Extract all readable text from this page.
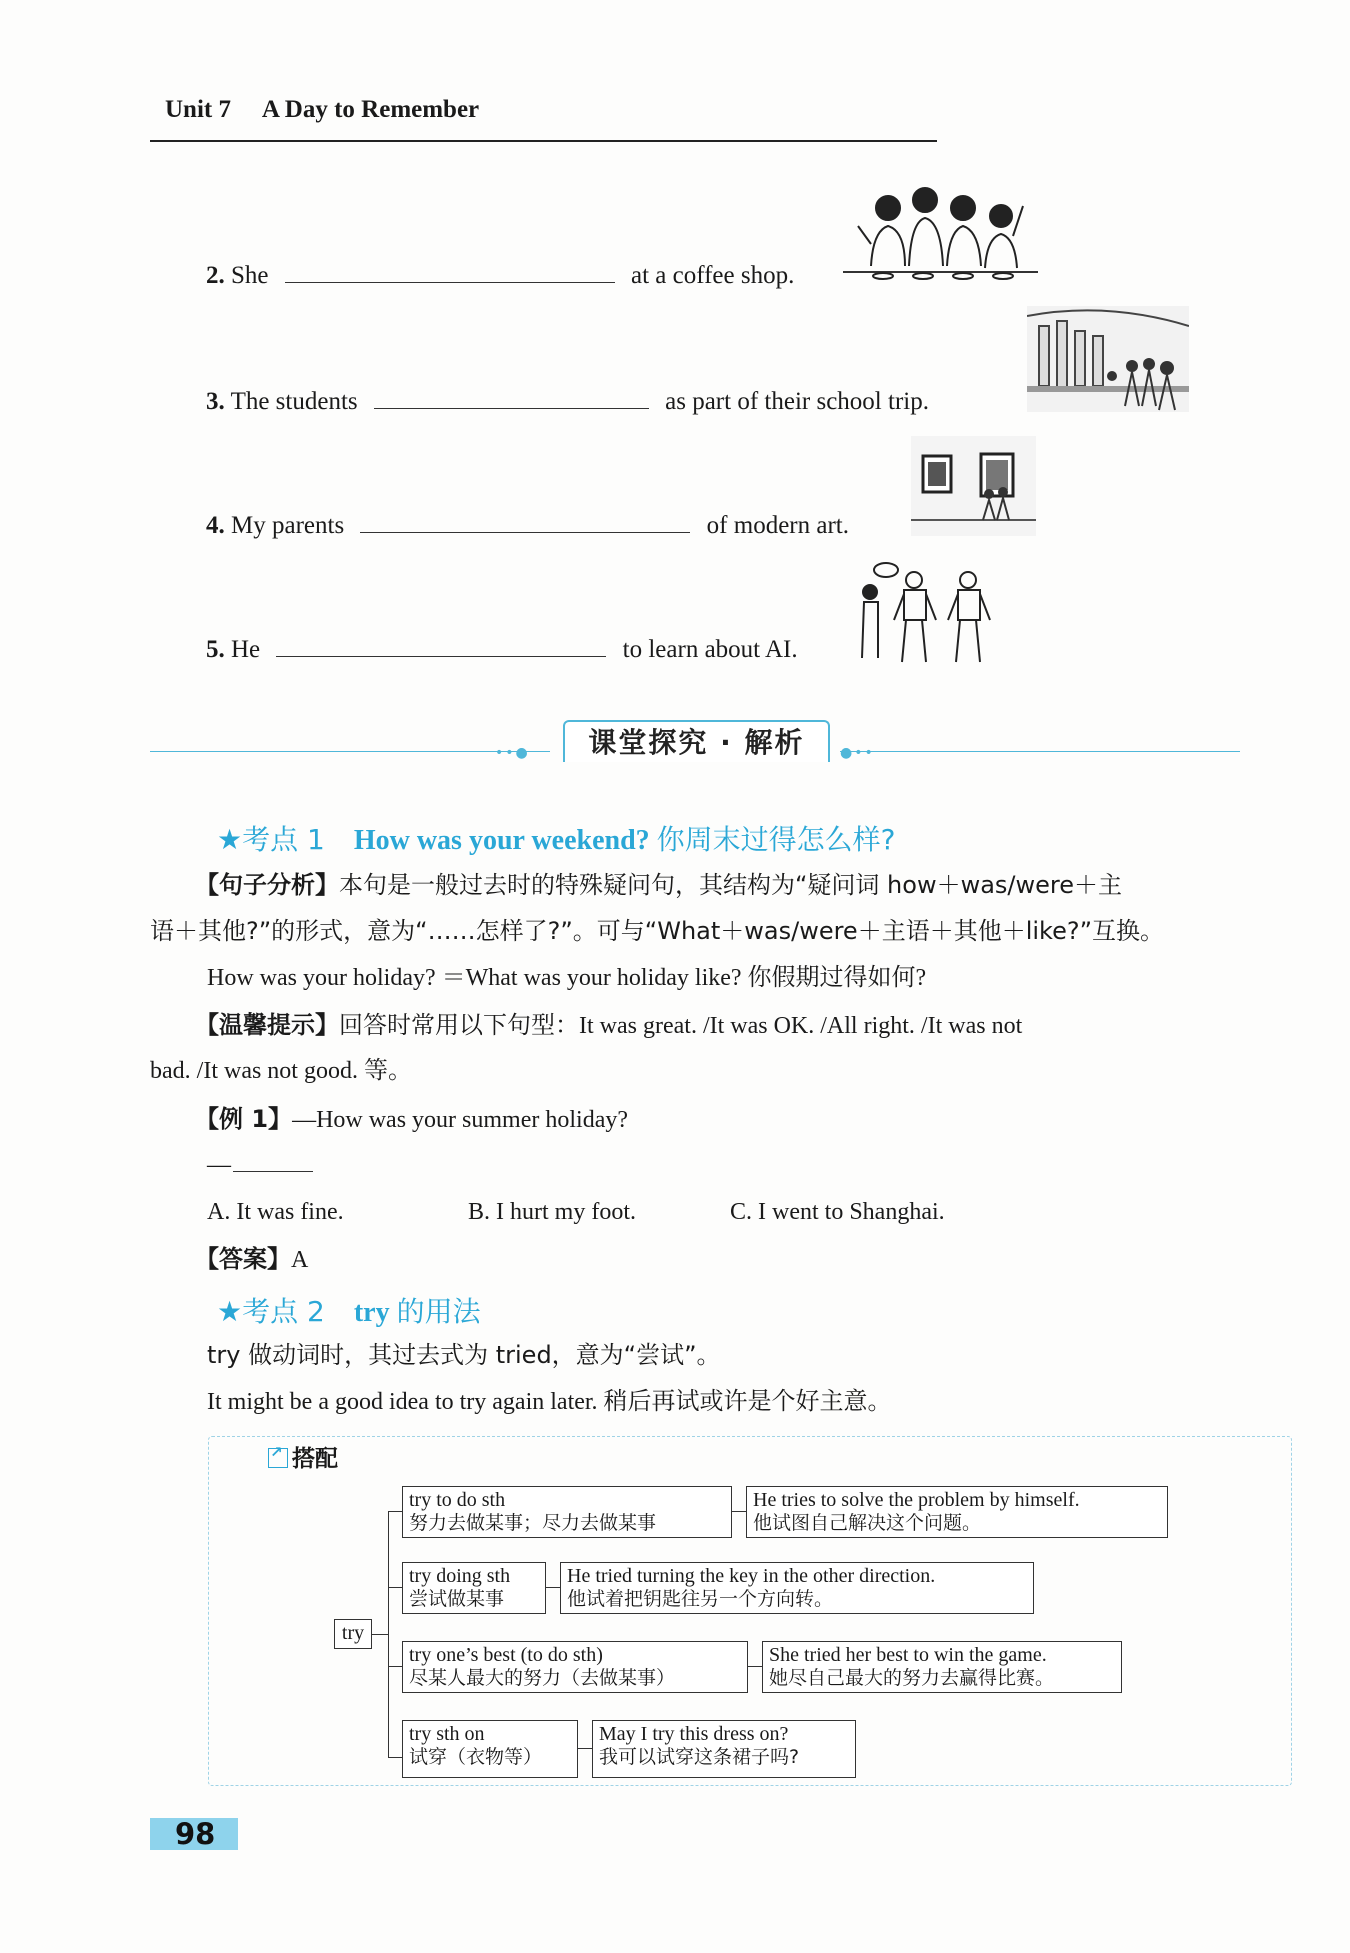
Unit 7 A Day to Remember
2. She	at a coffee shop.
3. The students	as part of their school trip.
4. My parents	of modern art.
5. He	to learn about AI.
••●	●••
课堂探究 · 解析
★考点 1 How was your weekend? 你周末过得怎么样?
【句子分析】本句是一般过去时的特殊疑问句，其结构为“疑问词 how＋was/were＋主
语＋其他?”的形式，意为“……怎样了?”。可与“What＋was/were＋主语＋其他＋like?”互换。
How was your holiday? ＝What was your holiday like? 你假期过得如何?
【温馨提示】回答时常用以下句型：It was great. /It was OK. /All right. /It was not
bad. /It was not good. 等。
【例 1】—How was your summer holiday?
—
A. It was fine.	B. I hurt my foot.	C. I went to Shanghai.
【答案】A
★考点 2 try 的用法
try 做动词时，其过去式为 tried，意为“尝试”。
It might be a good idea to try again later. 稍后再试或许是个好主意。
↗搭配
try
try to do sth
努力去做某事；尽力去做某事
He tries to solve the problem by himself.
他试图自己解决这个问题。
try doing sth
尝试做某事
He tried turning the key in the other direction.
他试着把钥匙往另一个方向转。
try one’s best (to do sth)
尽某人最大的努力（去做某事）
She tried her best to win the game.
她尽自己最大的努力去赢得比赛。
try sth on
试穿（衣物等）
May I try this dress on?
我可以试穿这条裙子吗?
98
